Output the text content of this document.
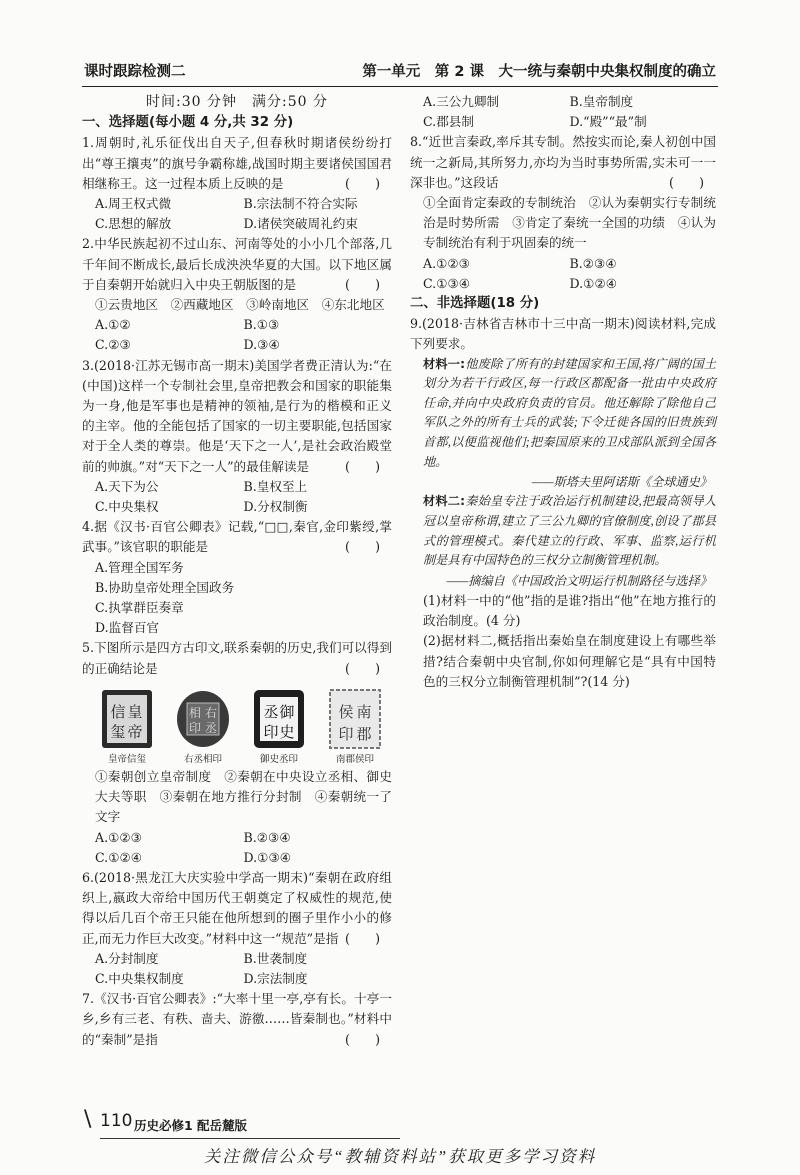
课时跟踪检测二	第一单元　第 2 课　大一统与秦朝中央集权制度的确立
时间:30 分钟　满分:50 分
一、选择题(每小题 4 分,共 32 分)
1.周朝时,礼乐征伐出自天子,但春秋时期诸侯纷纷打出“尊王攘夷”的旗号争霸称雄,战国时期主要诸侯国国君相继称王。这一过程本质上反映的是	(　　)
A.周王权式微	B.宗法制不符合实际
C.思想的解放	D.诸侯突破周礼约束
2.中华民族起初不过山东、河南等处的小小几个部落,几千年间不断成长,最后长成泱泱华夏的大国。以下地区属于自秦朝开始就归入中央王朝版图的是	(　　)
①云贵地区　②西藏地区　③岭南地区　④东北地区
A.①②	B.①③
C.②③	D.③④
3.(2018·江苏无锡市高一期末)美国学者费正清认为:“在(中国)这样一个专制社会里,皇帝把教会和国家的职能集为一身,他是军事也是精神的领袖,是行为的楷模和正义的主宰。他的全能包括了国家的一切主要职能,包括国家对于全人类的尊崇。他是‘天下之一人’,是社会政治殿堂前的帅旗。”对“天下之一人”的最佳解读是	(　　)
A.天下为公	B.皇权至上
C.中央集权	D.分权制衡
4.据《汉书·百官公卿表》记载,“□□,秦官,金印紫绶,掌武事。”该官职的职能是	(　　)
A.管理全国军务
B.协助皇帝处理全国政务
C.执掌群臣奏章
D.监督百官
5.下图所示是四方古印文,联系秦朝的历史,我们可以得到的正确结论是	(　　)
皇
帝
信
玺
皇帝信玺
右
丞
相
印
右丞相印
御
史
丞
印
御史丞印
南
郡
侯
印
南郡侯印
①秦朝创立皇帝制度　②秦朝在中央设立丞相、御史大夫等职　③秦朝在地方推行分封制　④秦朝统一了文字
A.①②③	B.②③④
C.①②④	D.①③④
6.(2018·黑龙江大庆实验中学高一期末)“秦朝在政府组织上,嬴政大帝给中国历代王朝奠定了权威性的规范,使得以后几百个帝王只能在他所想到的圈子里作小小的修正,而无力作巨大改变。”材料中这一“规范”是指 (　　)
A.分封制度	B.世袭制度
C.中央集权制度	D.宗法制度
7.《汉书·百官公卿表》:“大率十里一亭,亭有长。十亭一乡,乡有三老、有秩、啬夫、游徼……皆秦制也。”材料中的“秦制”是指	(　　)
A.三公九卿制	B.皇帝制度
C.郡县制	D.“殿”“最”制
8.“近世言秦政,率斥其专制。然按实而论,秦人初创中国统一之新局,其所努力,亦均为当时事势所需,实未可一一深非也。”这段话	(　　)
①全面肯定秦政的专制统治　②认为秦朝实行专制统治是时势所需　③肯定了秦统一全国的功绩　④认为专制统治有利于巩固秦的统一
A.①②③	B.②③④
C.①③④	D.①②④
二、非选择题(18 分)
9.(2018·吉林省吉林市十三中高一期末)阅读材料,完成下列要求。
材料一:他废除了所有的封建国家和王国,将广阔的国土划分为若干行政区,每一行政区都配备一批由中央政府任命,并向中央政府负责的官员。他还解除了除他自己军队之外的所有士兵的武装;下令迁徙各国的旧贵族到首都,以便监视他们;把秦国原来的卫戍部队派到全国各地。
——斯塔夫里阿诺斯《全球通史》
材料二:秦始皇专注于政治运行机制建设,把最高领导人冠以皇帝称谓,建立了三公九卿的官僚制度,创设了郡县式的管理模式。秦代建立的行政、军事、监察,运行机制是具有中国特色的三权分立制衡管理机制。
——摘编自《中国政治文明运行机制路径与选择》
(1)材料一中的“他”指的是谁?指出“他”在地方推行的政治制度。(4 分)
(2)据材料二,概括指出秦始皇在制度建设上有哪些举措?结合秦朝中央官制,你如何理解它是“具有中国特色的三权分立制衡管理机制”?(14 分)
\ 110 历史必修1 配岳麓版
关注微信公众号“教辅资料站”获取更多学习资料
